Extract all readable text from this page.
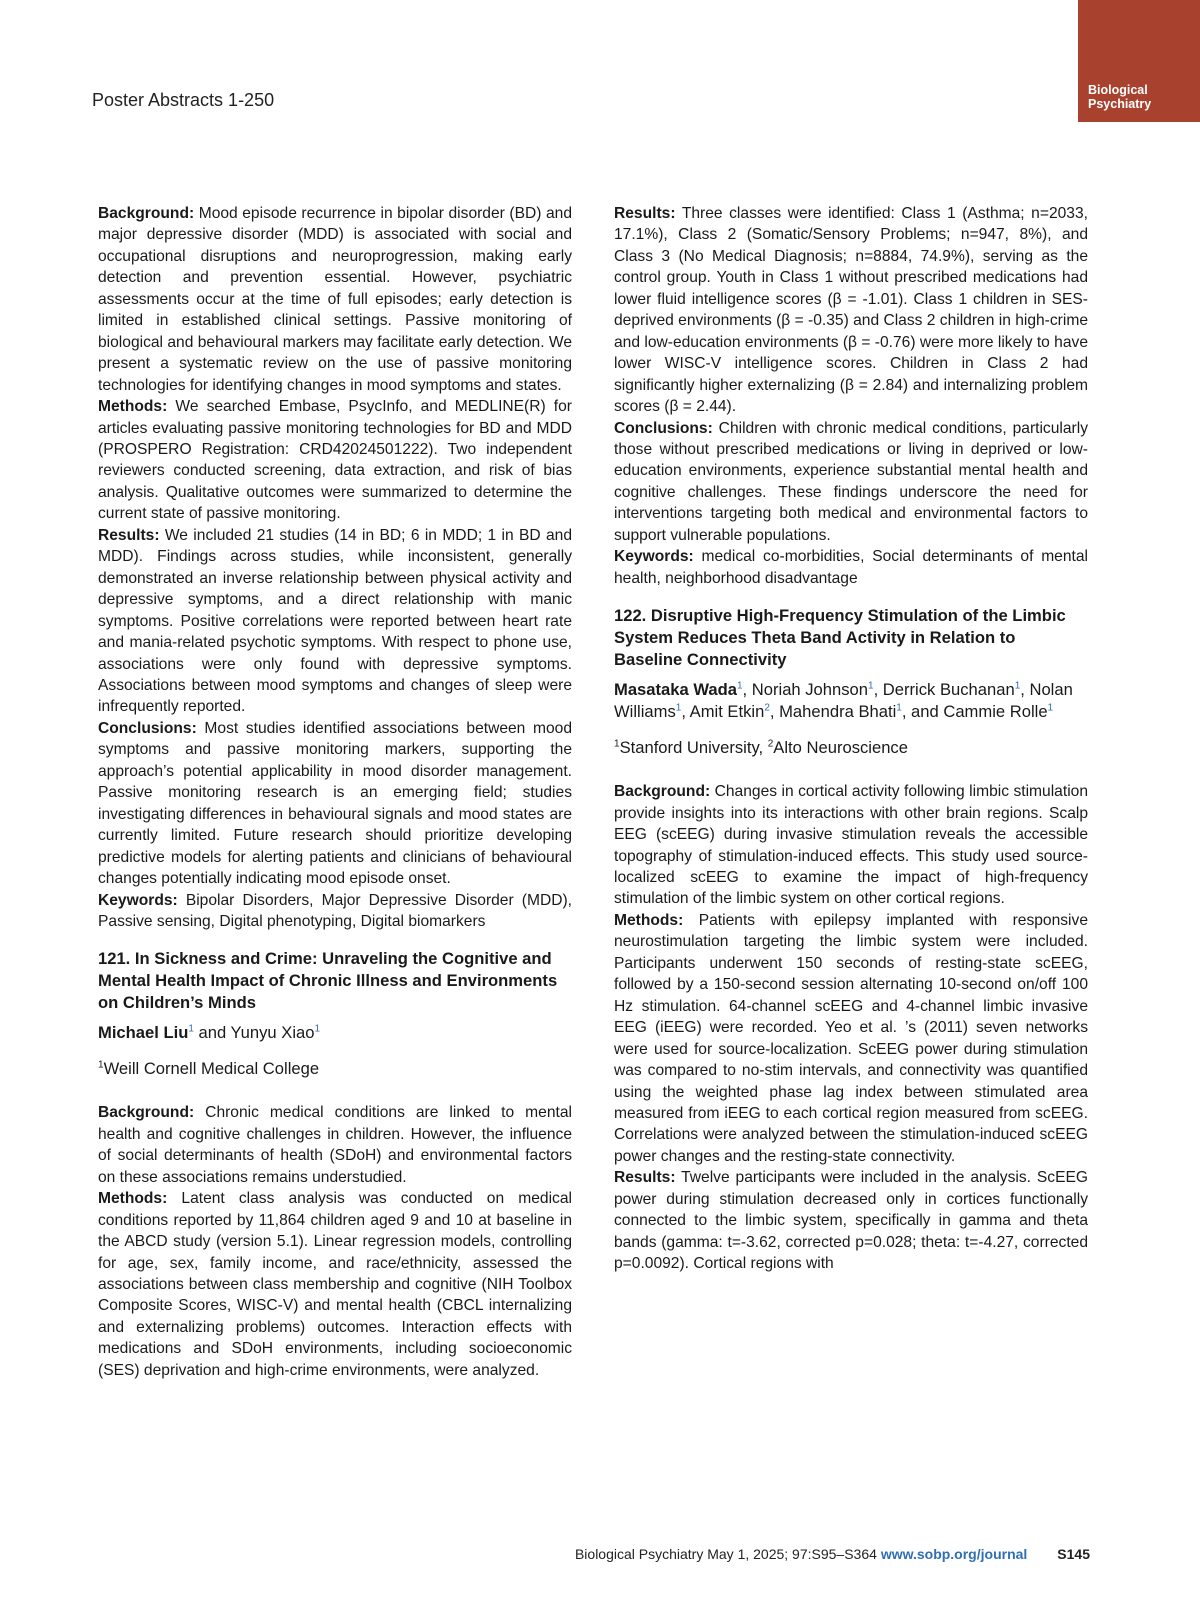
Poster Abstracts 1-250	Biological
Psychiatry

Background: Mood episode recurrence in bipolar disorder (BD) and major depressive disorder (MDD) is associated with social and occupational disruptions and neuroprogression, making early detection and prevention essential. However, psychiatric assessments occur at the time of full episodes; early detection is limited in established clinical settings. Passive monitoring of biological and behavioural markers may facilitate early detection. We present a systematic review on the use of passive monitoring technologies for identifying changes in mood symptoms and states.

Methods: We searched Embase, PsycInfo, and MEDLINE(R) for articles evaluating passive monitoring technologies for BD and MDD (PROSPERO Registration: CRD42024501222). Two independent reviewers conducted screening, data extraction, and risk of bias analysis. Qualitative outcomes were summarized to determine the current state of passive monitoring.

Results: We included 21 studies (14 in BD; 6 in MDD; 1 in BD and MDD). Findings across studies, while inconsistent, generally demonstrated an inverse relationship between physical activity and depressive symptoms, and a direct relationship with manic symptoms. Positive correlations were reported between heart rate and mania-related psychotic symptoms. With respect to phone use, associations were only found with depressive symptoms. Associations between mood symptoms and changes of sleep were infrequently reported.

Conclusions: Most studies identified associations between mood symptoms and passive monitoring markers, supporting the approach’s potential applicability in mood disorder management. Passive monitoring research is an emerging field; studies investigating differences in behavioural signals and mood states are currently limited. Future research should prioritize developing predictive models for alerting patients and clinicians of behavioural changes potentially indicating mood episode onset.

Keywords: Bipolar Disorders, Major Depressive Disorder (MDD), Passive sensing, Digital phenotyping, Digital biomarkers

121. In Sickness and Crime: Unraveling the Cognitive and Mental Health Impact of Chronic Illness and Environments on Children’s Minds

Michael Liu$^1$ and Yunyu Xiao$^1$

$^1$Weill Cornell Medical College

Background: Chronic medical conditions are linked to mental health and cognitive challenges in children. However, the influence of social determinants of health (SDoH) and environmental factors on these associations remains understudied.

Methods: Latent class analysis was conducted on medical conditions reported by 11,864 children aged 9 and 10 at baseline in the ABCD study (version 5.1). Linear regression models, controlling for age, sex, family income, and race/ethnicity, assessed the associations between class membership and cognitive (NIH Toolbox Composite Scores, WISC-V) and mental health (CBCL internalizing and externalizing problems) outcomes. Interaction effects with medications and SDoH environments, including socioeconomic (SES) deprivation and high-crime environments, were analyzed.

Results: Three classes were identified: Class 1 (Asthma; n=2033, 17.1%), Class 2 (Somatic/Sensory Problems; n=947, 8%), and Class 3 (No Medical Diagnosis; n=8884, 74.9%), serving as the control group. Youth in Class 1 without prescribed medications had lower fluid intelligence scores (β = -1.01). Class 1 children in SES-deprived environments (β = -0.35) and Class 2 children in high-crime and low-education environments (β = -0.76) were more likely to have lower WISC-V intelligence scores. Children in Class 2 had significantly higher externalizing (β = 2.84) and internalizing problem scores (β = 2.44).

Conclusions: Children with chronic medical conditions, particularly those without prescribed medications or living in deprived or low-education environments, experience substantial mental health and cognitive challenges. These findings underscore the need for interventions targeting both medical and environmental factors to support vulnerable populations.

Keywords: medical co-morbidities, Social determinants of mental health, neighborhood disadvantage

122. Disruptive High-Frequency Stimulation of the Limbic System Reduces Theta Band Activity in Relation to Baseline Connectivity

Masataka Wada$^1$, Noriah Johnson$^1$, Derrick Buchanan$^1$, Nolan Williams$^1$, Amit Etkin$^2$, Mahendra Bhati$^1$, and Cammie Rolle$^1$

$^1$Stanford University, $^2$Alto Neuroscience

Background: Changes in cortical activity following limbic stimulation provide insights into its interactions with other brain regions. Scalp EEG (scEEG) during invasive stimulation reveals the accessible topography of stimulation-induced effects. This study used source-localized scEEG to examine the impact of high-frequency stimulation of the limbic system on other cortical regions.

Methods: Patients with epilepsy implanted with responsive neurostimulation targeting the limbic system were included. Participants underwent 150 seconds of resting-state scEEG, followed by a 150-second session alternating 10-second on/off 100 Hz stimulation. 64-channel scEEG and 4-channel limbic invasive EEG (iEEG) were recorded. Yeo et al. ’s (2011) seven networks were used for source-localization. ScEEG power during stimulation was compared to no-stim intervals, and connectivity was quantified using the weighted phase lag index between stimulated area measured from iEEG to each cortical region measured from scEEG. Correlations were analyzed between the stimulation-induced scEEG power changes and the resting-state connectivity.

Results: Twelve participants were included in the analysis. ScEEG power during stimulation decreased only in cortices functionally connected to the limbic system, specifically in gamma and theta bands (gamma: t=-3.62, corrected p=0.028; theta: t=-4.27, corrected p=0.0092). Cortical regions with

Biological Psychiatry May 1, 2025; 97:S95–S364 www.sobp.org/journal S145
